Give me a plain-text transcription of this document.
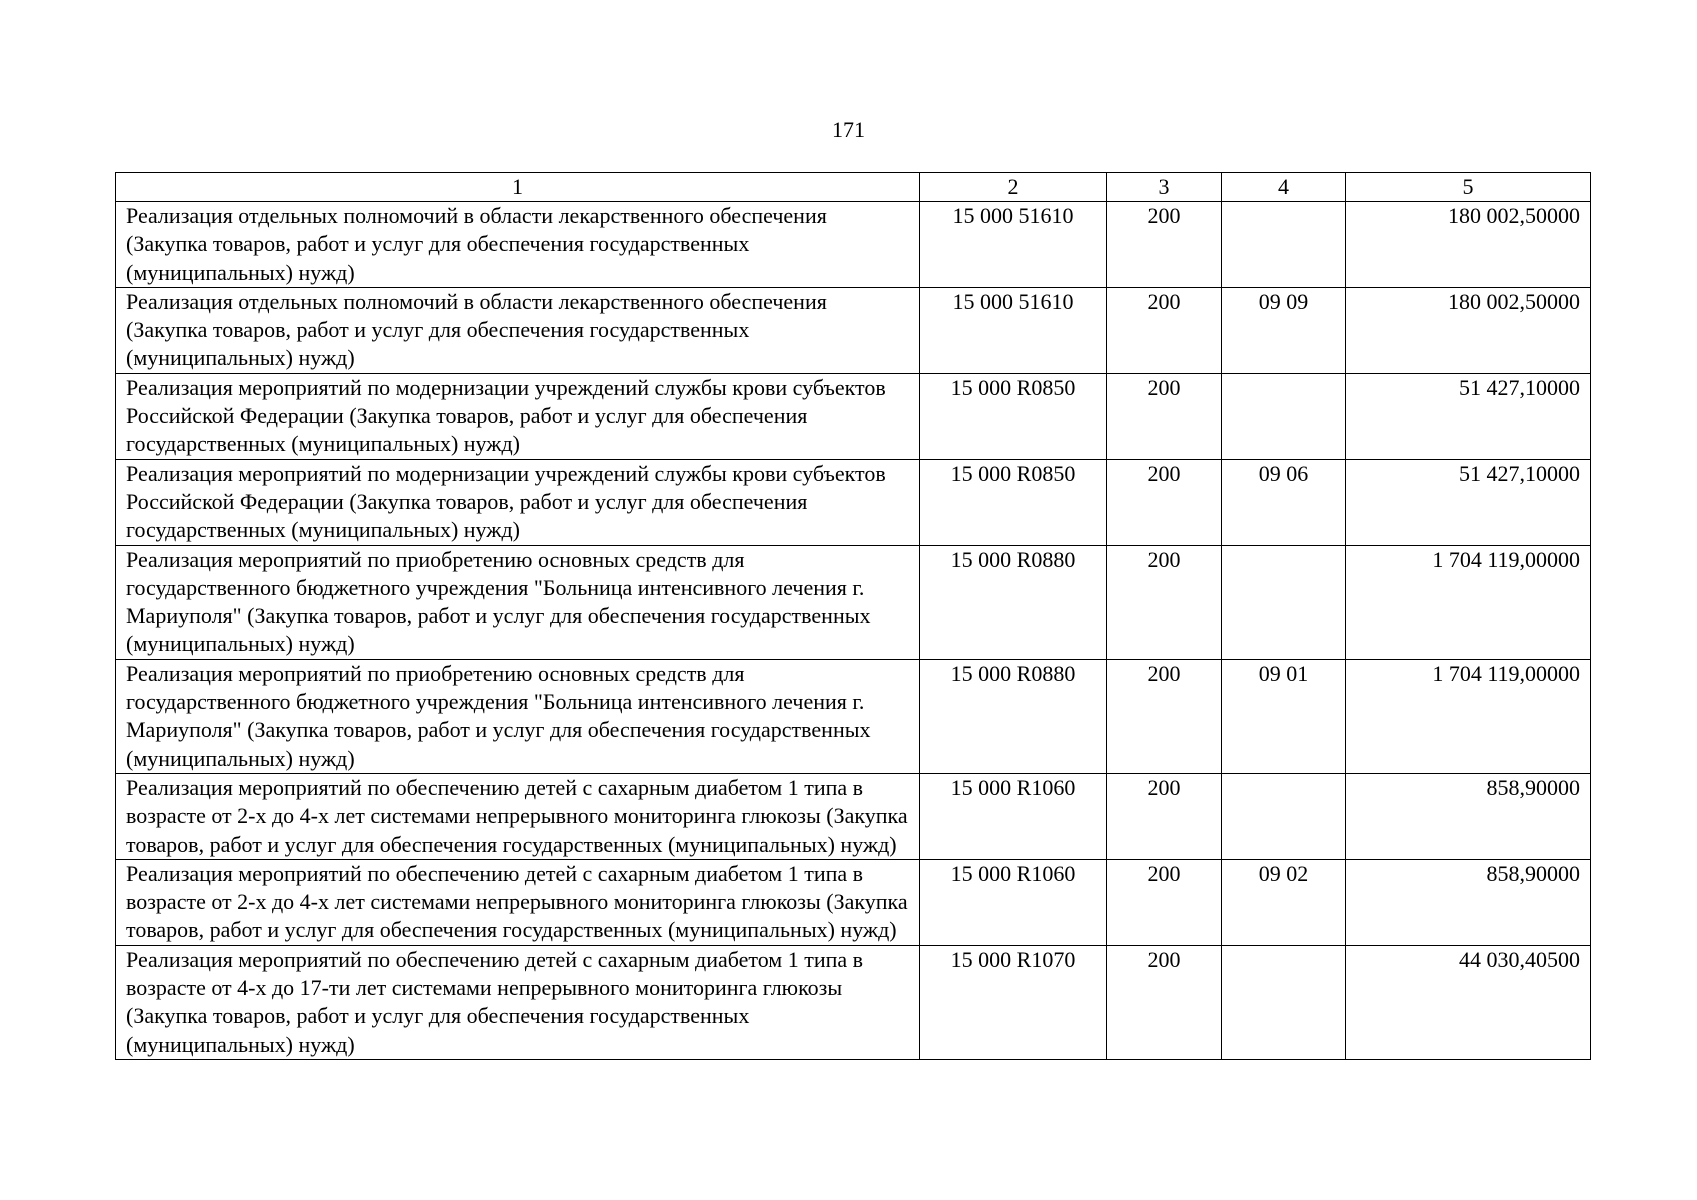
171
1	2	3	4	5
Реализация отдельных полномочий в области лекарственного обеспечения (Закупка товаров, работ и услуг для обеспечения государственных (муниципальных) нужд)	15 000 51610	200		180 002,50000
Реализация отдельных полномочий в области лекарственного обеспечения (Закупка товаров, работ и услуг для обеспечения государственных (муниципальных) нужд)	15 000 51610	200	09 09	180 002,50000
Реализация мероприятий по модернизации учреждений службы крови субъектов Российской Федерации (Закупка товаров, работ и услуг для обеспечения государственных (муниципальных) нужд)	15 000 R0850	200		51 427,10000
Реализация мероприятий по модернизации учреждений службы крови субъектов Российской Федерации (Закупка товаров, работ и услуг для обеспечения государственных (муниципальных) нужд)	15 000 R0850	200	09 06	51 427,10000
Реализация мероприятий по приобретению основных средств для государственного бюджетного учреждения "Больница интенсивного лечения г. Мариуполя" (Закупка товаров, работ и услуг для обеспечения государственных (муниципальных) нужд)	15 000 R0880	200		1 704 119,00000
Реализация мероприятий по приобретению основных средств для государственного бюджетного учреждения "Больница интенсивного лечения г. Мариуполя" (Закупка товаров, работ и услуг для обеспечения государственных (муниципальных) нужд)	15 000 R0880	200	09 01	1 704 119,00000
Реализация мероприятий по обеспечению детей с сахарным диабетом 1 типа в возрасте от 2-х до 4-х лет системами непрерывного мониторинга глюкозы (Закупка товаров, работ и услуг для обеспечения государственных (муниципальных) нужд)	15 000 R1060	200		858,90000
Реализация мероприятий по обеспечению детей с сахарным диабетом 1 типа в возрасте от 2-х до 4-х лет системами непрерывного мониторинга глюкозы (Закупка товаров, работ и услуг для обеспечения государственных (муниципальных) нужд)	15 000 R1060	200	09 02	858,90000
Реализация мероприятий по обеспечению детей с сахарным диабетом 1 типа в возрасте от 4-х до 17-ти лет системами непрерывного мониторинга глюкозы (Закупка товаров, работ и услуг для обеспечения государственных (муниципальных) нужд)	15 000 R1070	200		44 030,40500
